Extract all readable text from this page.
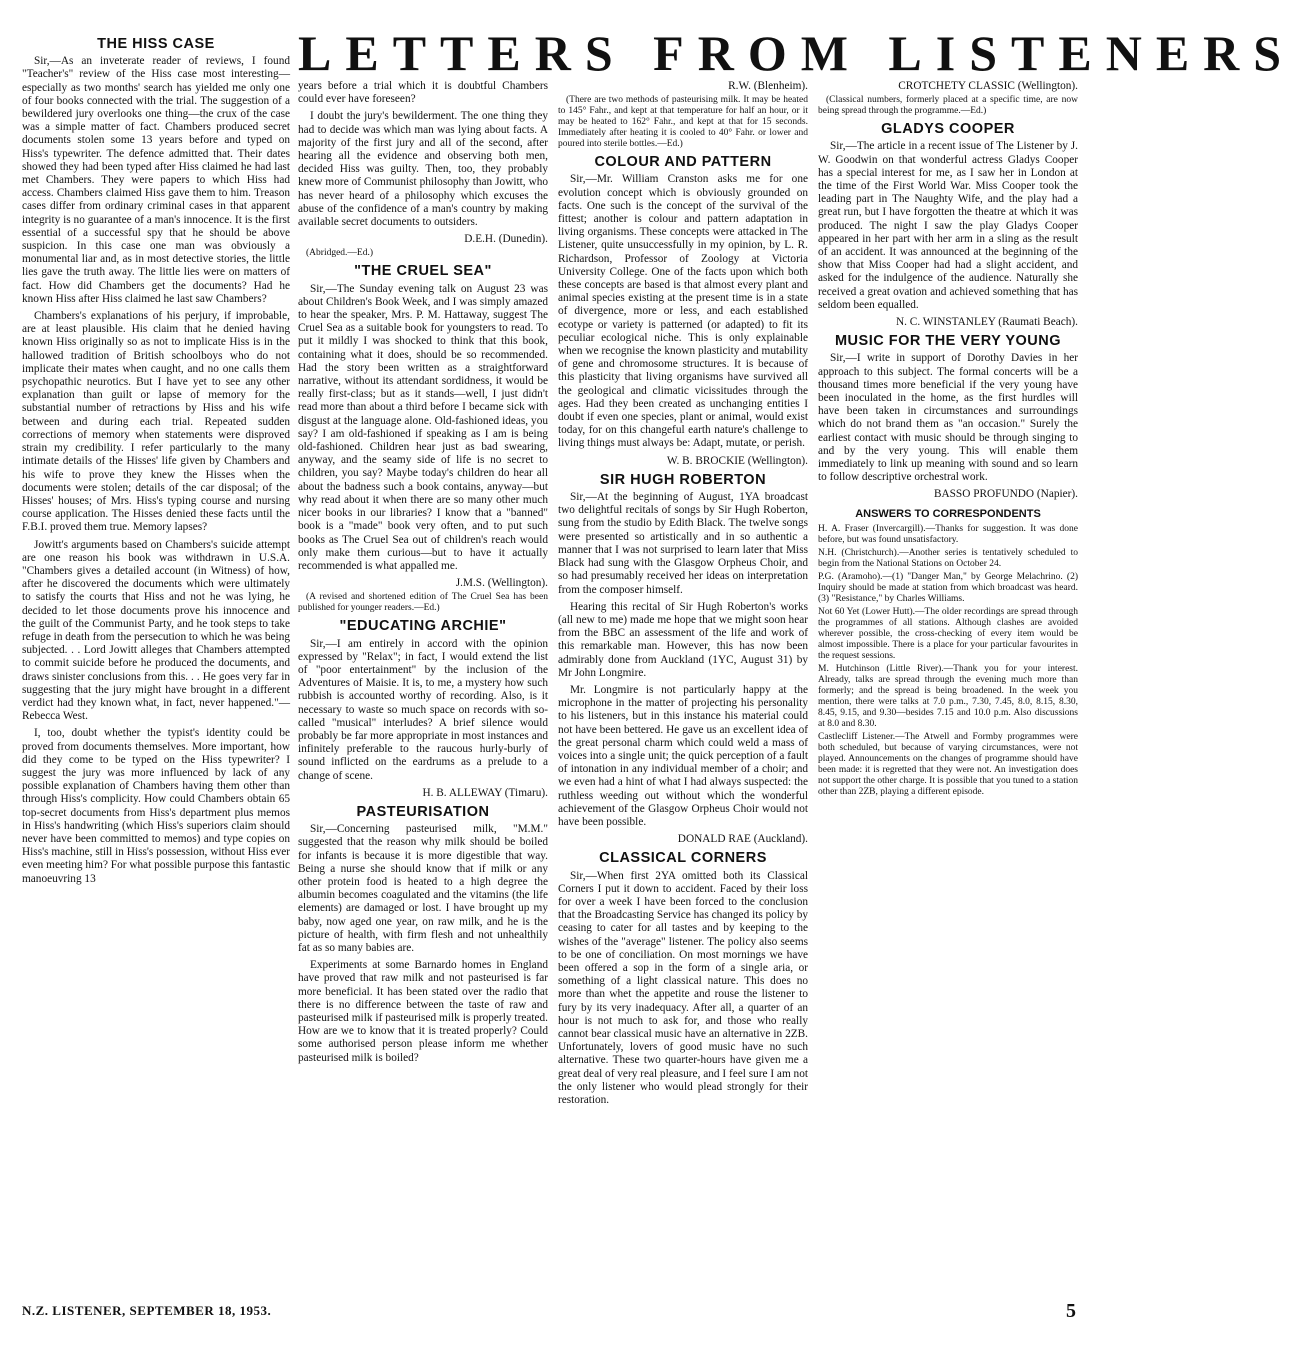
LETTERS FROM LISTENERS
THE HISS CASE

Sir,—As an inveterate reader of reviews, I found "Teacher's" review of the Hiss case most interesting—especially as two months' search has yielded me only one of four books connected with the trial. The suggestion of a bewildered jury overlooks one thing—the crux of the case was a simple matter of fact. Chambers produced secret documents stolen some 13 years before and typed on Hiss's typewriter. The defence admitted that. Their dates showed they had been typed after Hiss claimed he had last met Chambers. They were papers to which Hiss had access. Chambers claimed Hiss gave them to him. Treason cases differ from ordinary criminal cases in that apparent integrity is no guarantee of a man's innocence. It is the first essential of a successful spy that he should be above suspicion. In this case one man was obviously a monumental liar and, as in most detective stories, the little lies gave the truth away. The little lies were on matters of fact. How did Chambers get the documents? Had he known Hiss after Hiss claimed he last saw Chambers?

Chambers's explanations of his perjury, if improbable, are at least plausible. His claim that he denied having known Hiss originally so as not to implicate Hiss is in the hallowed tradition of British schoolboys who do not implicate their mates when caught, and no one calls them psychopathic neurotics. But I have yet to see any other explanation than guilt or lapse of memory for the substantial number of retractions by Hiss and his wife between and during each trial. Repeated sudden corrections of memory when statements were disproved strain my credibility. I refer particularly to the many intimate details of the Hisses' life given by Chambers and his wife to prove they knew the Hisses when the documents were stolen; details of the car disposal; of the Hisses' houses; of Mrs. Hiss's typing course and nursing course application. The Hisses denied these facts until the F.B.I. proved them true. Memory lapses?

Jowitt's arguments based on Chambers's suicide attempt are one reason his book was withdrawn in U.S.A. "Chambers gives a detailed account (in Witness) of how, after he discovered the documents which were ultimately to satisfy the courts that Hiss and not he was lying, he decided to let those documents prove his innocence and the guilt of the Communist Party, and he took steps to take refuge in death from the persecution to which he was being subjected. . . Lord Jowitt alleges that Chambers attempted to commit suicide before he produced the documents, and draws sinister conclusions from this. . . He goes very far in suggesting that the jury might have brought in a different verdict had they known what, in fact, never happened."—Rebecca West.

I, too, doubt whether the typist's identity could be proved from documents themselves. More important, how did they come to be typed on the Hiss typewriter? I suggest the jury was more influenced by lack of any possible explanation of Chambers having them other than through Hiss's complicity. How could Chambers obtain 65 top-secret documents from Hiss's department plus memos in Hiss's handwriting (which Hiss's superiors claim should never have been committed to memos) and type copies on Hiss's machine, still in Hiss's possession, without Hiss ever even meeting him? For what possible purpose this fantastic manoeuvring 13

years before a trial which it is doubtful Chambers could ever have foreseen?

I doubt the jury's bewilderment. The one thing they had to decide was which man was lying about facts. A majority of the first jury and all of the second, after hearing all the evidence and observing both men, decided Hiss was guilty. Then, too, they probably knew more of Communist philosophy than Jowitt, who has never heard of a philosophy which excuses the abuse of the confidence of a man's country by making available secret documents to outsiders.

D.E.H. (Dunedin).
(Abridged.—Ed.)
"THE CRUEL SEA"

Sir,—The Sunday evening talk on August 23 was about Children's Book Week, and I was simply amazed to hear the speaker, Mrs. P. M. Hattaway, suggest The Cruel Sea as a suitable book for youngsters to read. To put it mildly I was shocked to think that this book, containing what it does, should be so recommended. Had the story been written as a straightforward narrative, without its attendant sordidness, it would be really first-class; but as it stands—well, I just didn't read more than about a third before I became sick with disgust at the language alone. Old-fashioned ideas, you say? I am old-fashioned if speaking as I am is being old-fashioned. Children hear just as bad swearing, anyway, and the seamy side of life is no secret to children, you say? Maybe today's children do hear all about the badness such a book contains, anyway—but why read about it when there are so many other much nicer books in our libraries? I know that a "banned" book is a "made" book very often, and to put such books as The Cruel Sea out of children's reach would only make them curious—but to have it actually recommended is what appalled me.

J.M.S. (Wellington).
(A revised and shortened edition of The Cruel Sea has been published for younger readers.—Ed.)
"EDUCATING ARCHIE"

Sir,—I am entirely in accord with the opinion expressed by "Relax"; in fact, I would extend the list of "poor entertainment" by the inclusion of the Adventures of Maisie. It is, to me, a mystery how such rubbish is accounted worthy of recording. Also, is it necessary to waste so much space on records with so-called "musical" interludes? A brief silence would probably be far more appropriate in most instances and infinitely preferable to the raucous hurly-burly of sound inflicted on the eardrums as a prelude to a change of scene.

H. B. ALLEWAY (Timaru).
PASTEURISATION

Sir,—Concerning pasteurised milk, "M.M." suggested that the reason why milk should be boiled for infants is because it is more digestible that way. Being a nurse she should know that if milk or any other protein food is heated to a high degree the albumin becomes coagulated and the vitamins (the life elements) are damaged or lost. I have brought up my baby, now aged one year, on raw milk, and he is the picture of health, with firm flesh and not unhealthily fat as so many babies are.

Experiments at some Barnardo homes in England have proved that raw milk and not pasteurised is far more beneficial. It has been stated over the radio that there is no difference between the taste of raw and pasteurised milk if pasteurised milk is properly treated. How are we to know that it is treated properly? Could some authorised person please inform me whether pasteurised milk is boiled?

R.W. (Blenheim).
(There are two methods of pasteurising milk. It may be heated to 145° Fahr., and kept at that temperature for half an hour, or it may be heated to 162° Fahr., and kept at that for 15 seconds. Immediately after heating it is cooled to 40° Fahr. or lower and poured into sterile bottles.—Ed.)
COLOUR AND PATTERN

Sir,—Mr. William Cranston asks me for one evolution concept which is obviously grounded on facts. One such is the concept of the survival of the fittest; another is colour and pattern adaptation in living organisms. These concepts were attacked in The Listener, quite unsuccessfully in my opinion, by L. R. Richardson, Professor of Zoology at Victoria University College. One of the facts upon which both these concepts are based is that almost every plant and animal species existing at the present time is in a state of divergence, more or less, and each established ecotype or variety is patterned (or adapted) to fit its peculiar ecological niche. This is only explainable when we recognise the known plasticity and mutability of gene and chromosome structures. It is because of this plasticity that living organisms have survived all the geological and climatic vicissitudes through the ages. Had they been created as unchanging entities I doubt if even one species, plant or animal, would exist today, for on this changeful earth nature's challenge to living things must always be: Adapt, mutate, or perish.

W. B. BROCKIE (Wellington).
SIR HUGH ROBERTON

Sir,—At the beginning of August, 1YA broadcast two delightful recitals of songs by Sir Hugh Roberton, sung from the studio by Edith Black. The twelve songs were presented so artistically and in so authentic a manner that I was not surprised to learn later that Miss Black had sung with the Glasgow Orpheus Choir, and so had presumably received her ideas on interpretation from the composer himself.

Hearing this recital of Sir Hugh Roberton's works (all new to me) made me hope that we might soon hear from the BBC an assessment of the life and work of this remarkable man. However, this has now been admirably done from Auckland (1YC, August 31) by Mr John Longmire.

Mr. Longmire is not particularly happy at the microphone in the matter of projecting his personality to his listeners, but in this instance his material could not have been bettered. He gave us an excellent idea of the great personal charm which could weld a mass of voices into a single unit; the quick perception of a fault of intonation in any individual member of a choir; and we even had a hint of what I had always suspected: the ruthless weeding out without which the wonderful achievement of the Glasgow Orpheus Choir would not have been possible.

DONALD RAE (Auckland).
CLASSICAL CORNERS

Sir,—When first 2YA omitted both its Classical Corners I put it down to accident. Faced by their loss for over a week I have been forced to the conclusion that the Broadcasting Service has changed its policy by ceasing to cater for all tastes and by keeping to the wishes of the "average" listener. The policy also seems to be one of conciliation. On most mornings we have been offered a sop in the form of a single aria, or something of a light classical nature. This does no more than whet the appetite and rouse the listener to fury by its very inadequacy. After all, a quarter of an hour is not much to ask for, and those who really cannot bear classical music have an alternative in 2ZB. Unfortunately, lovers of good music have no such alternative. These two quarter-hours have given me a great deal of very real pleasure, and I feel sure I am not the only listener who would plead strongly for their restoration.

CROTCHETY CLASSIC (Wellington).
(Classical numbers, formerly placed at a specific time, are now being spread through the programme.—Ed.)
GLADYS COOPER

Sir,—The article in a recent issue of The Listener by J. W. Goodwin on that wonderful actress Gladys Cooper has a special interest for me, as I saw her in London at the time of the First World War. Miss Cooper took the leading part in The Naughty Wife, and the play had a great run, but I have forgotten the theatre at which it was produced. The night I saw the play Gladys Cooper appeared in her part with her arm in a sling as the result of an accident. It was announced at the beginning of the show that Miss Cooper had had a slight accident, and asked for the indulgence of the audience. Naturally she received a great ovation and achieved something that has seldom been equalled.

N. C. WINSTANLEY (Raumati Beach).
MUSIC FOR THE VERY YOUNG

Sir,—I write in support of Dorothy Davies in her approach to this subject. The formal concerts will be a thousand times more beneficial if the very young have been inoculated in the home, as the first hurdles will have been taken in circumstances and surroundings which do not brand them as "an occasion." Surely the earliest contact with music should be through singing to and by the very young. This will enable them immediately to link up meaning with sound and so learn to follow descriptive orchestral work.

BASSO PROFUNDO (Napier).
ANSWERS TO CORRESPONDENTS
H. A. Fraser (Invercargill).—Thanks for suggestion. It was done before, but was found unsatisfactory.
N.H. (Christchurch).—Another series is tentatively scheduled to begin from the National Stations on October 24.
P.G. (Aramoho).—(1) "Danger Man," by George Melachrino. (2) Inquiry should be made at station from which broadcast was heard. (3) "Resistance," by Charles Williams.
Not 60 Yet (Lower Hutt).—The older recordings are spread through the programmes of all stations. Although clashes are avoided wherever possible, the cross-checking of every item would be almost impossible. There is a place for your particular favourites in the request sessions.
M. Hutchinson (Little River).—Thank you for your interest. Already, talks are spread through the evening much more than formerly; and the spread is being broadened. In the week you mention, there were talks at 7.0 p.m., 7.30, 7.45, 8.0, 8.15, 8.30, 8.45, 9.15, and 9.30—besides 7.15 and 10.0 p.m. Also discussions at 8.0 and 8.30.
Castlecliff Listener.—The Atwell and Formby programmes were both scheduled, but because of varying circumstances, were not played. Announcements on the changes of programme should have been made: it is regretted that they were not. An investigation does not support the other charge. It is possible that you tuned to a station other than 2ZB, playing a different episode.
N.Z. LISTENER, SEPTEMBER 18, 1953.	5
